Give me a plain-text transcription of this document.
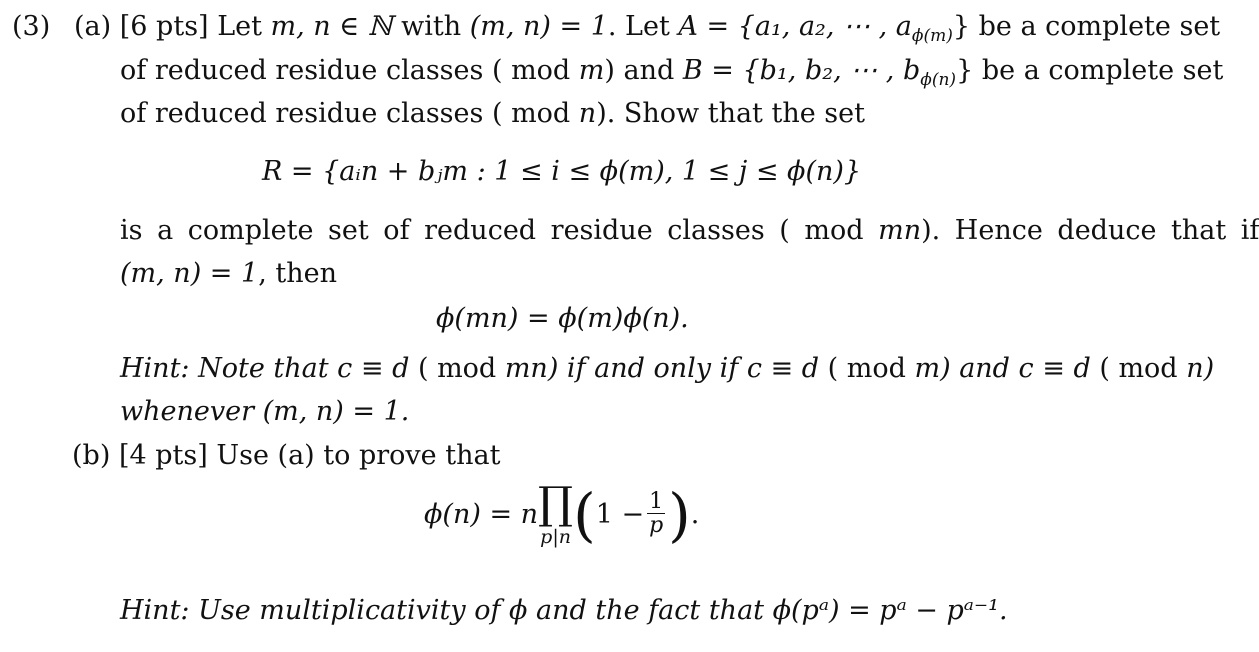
(3) (a) [6 pts] Let m, n ∈ ℕ with (m, n) = 1. Let A = {a₁, a₂, ⋯ , $a_{\phi(m)}$} be a complete set
of reduced residue classes ( mod m) and B = {b₁, b₂, ⋯ , $b_{\phi(n)}$} be a complete set
of reduced residue classes ( mod n). Show that the set
R = {aᵢn + bⱼm : 1 ≤ i ≤ ϕ(m), 1 ≤ j ≤ ϕ(n)}
is a complete set of reduced residue classes ( mod mn). Hence deduce that if
(m, n) = 1, then
ϕ(mn) = ϕ(m)ϕ(n).
Hint: Note that c ≡ d ( mod mn) if and only if c ≡ d ( mod m) and c ≡ d ( mod n)
whenever (m, n) = 1.
(b) [4 pts] Use (a) to prove that
ϕ(n) = n ∏
p|n ( $1 - \frac{1}{p}$ ) .
Hint: Use multiplicativity of ϕ and the fact that ϕ(pᵃ) = pᵃ − pᵃ⁻¹.
